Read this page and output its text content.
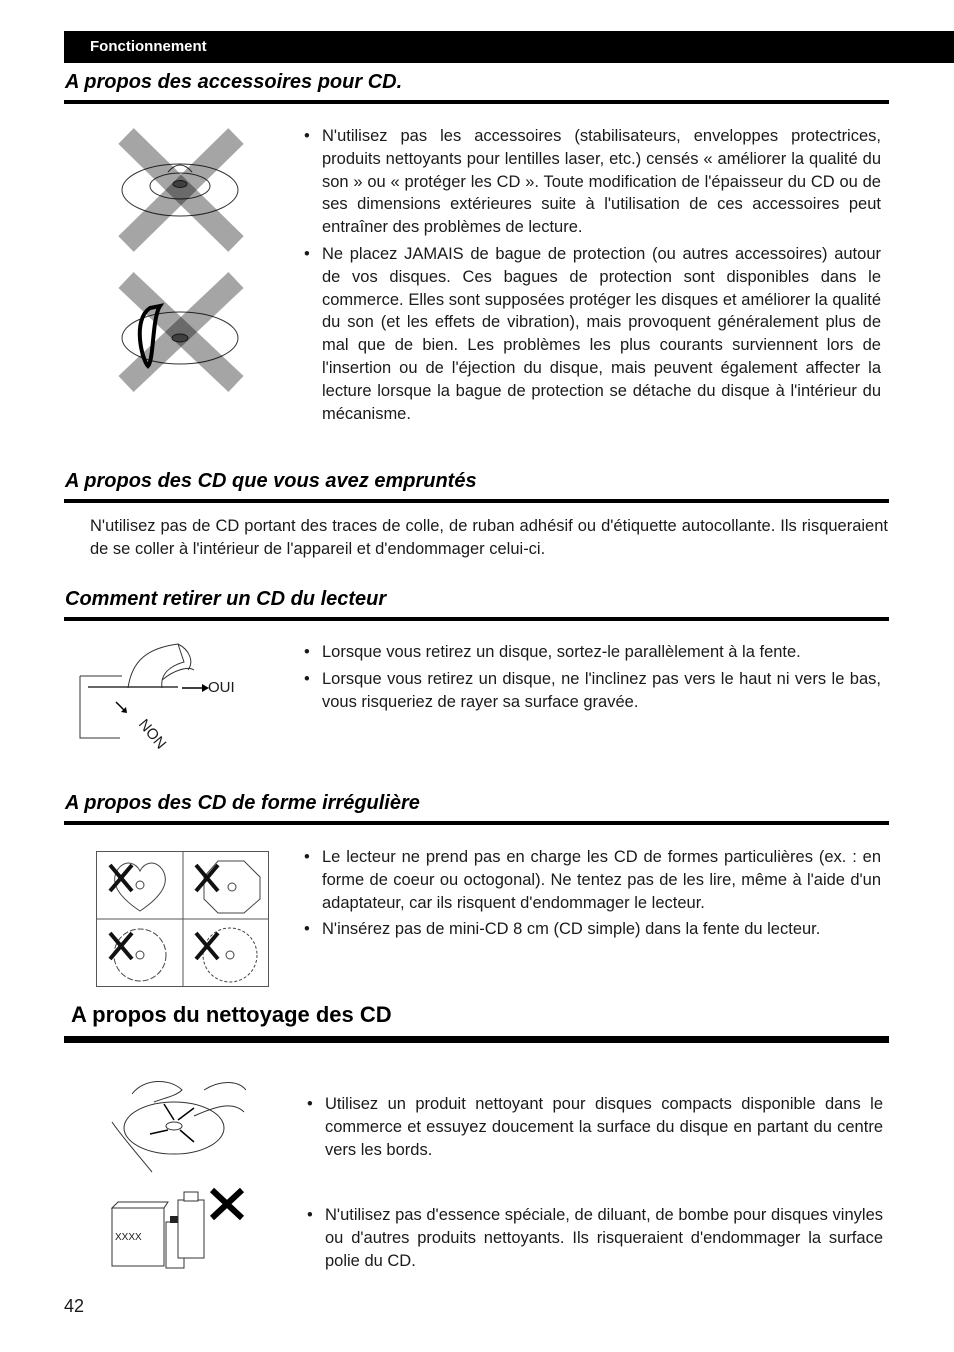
Fonctionnement
A propos des accessoires pour CD.
• N'utilisez pas les accessoires (stabilisateurs, enveloppes protectrices, produits nettoyants pour lentilles laser, etc.) censés « améliorer la qualité du son » ou « protéger les CD ». Toute modification de l'épaisseur du CD ou de ses dimensions extérieures suite à l'utilisation de ces accessoires peut entraîner des problèmes de lecture.
• Ne placez JAMAIS de bague de protection (ou autres accessoires) autour de vos disques. Ces bagues de protection sont disponibles dans le commerce. Elles sont supposées protéger les disques et améliorer la qualité du son (et les effets de vibration), mais provoquent généralement plus de mal que de bien. Les problèmes les plus courants surviennent lors de l'insertion ou de l'éjection du disque, mais peuvent également affecter la lecture lorsque la bague de protection se détache du disque à l'intérieur du mécanisme.
A propos des CD que vous avez empruntés
N'utilisez pas de CD portant des traces de colle, de ruban adhésif ou d'étiquette autocollante. Ils risqueraient de se coller à l'intérieur de l'appareil et d'endommager celui-ci.
Comment retirer un CD du lecteur
OUI
NON
• Lorsque vous retirez un disque, sortez-le parallèlement à la fente.
• Lorsque vous retirez un disque, ne l'inclinez pas vers le haut ni vers le bas, vous risqueriez de rayer sa surface gravée.
A propos des CD de forme irrégulière
• Le lecteur ne prend pas en charge les CD de formes particulières (ex. : en forme de coeur ou octogonal). Ne tentez pas de les lire, même à l'aide d'un adaptateur, car ils risquent d'endommager le lecteur.
• N'insérez pas de mini-CD 8 cm (CD simple) dans la fente du lecteur.
A propos du nettoyage des CD
XXXX
• Utilisez un produit nettoyant pour disques compacts disponible dans le commerce et essuyez doucement la surface du disque en partant du centre vers les bords.
• N'utilisez pas d'essence spéciale, de diluant, de bombe pour disques vinyles ou d'autres produits nettoyants. Ils risqueraient d'endommager la surface polie du CD.
42
